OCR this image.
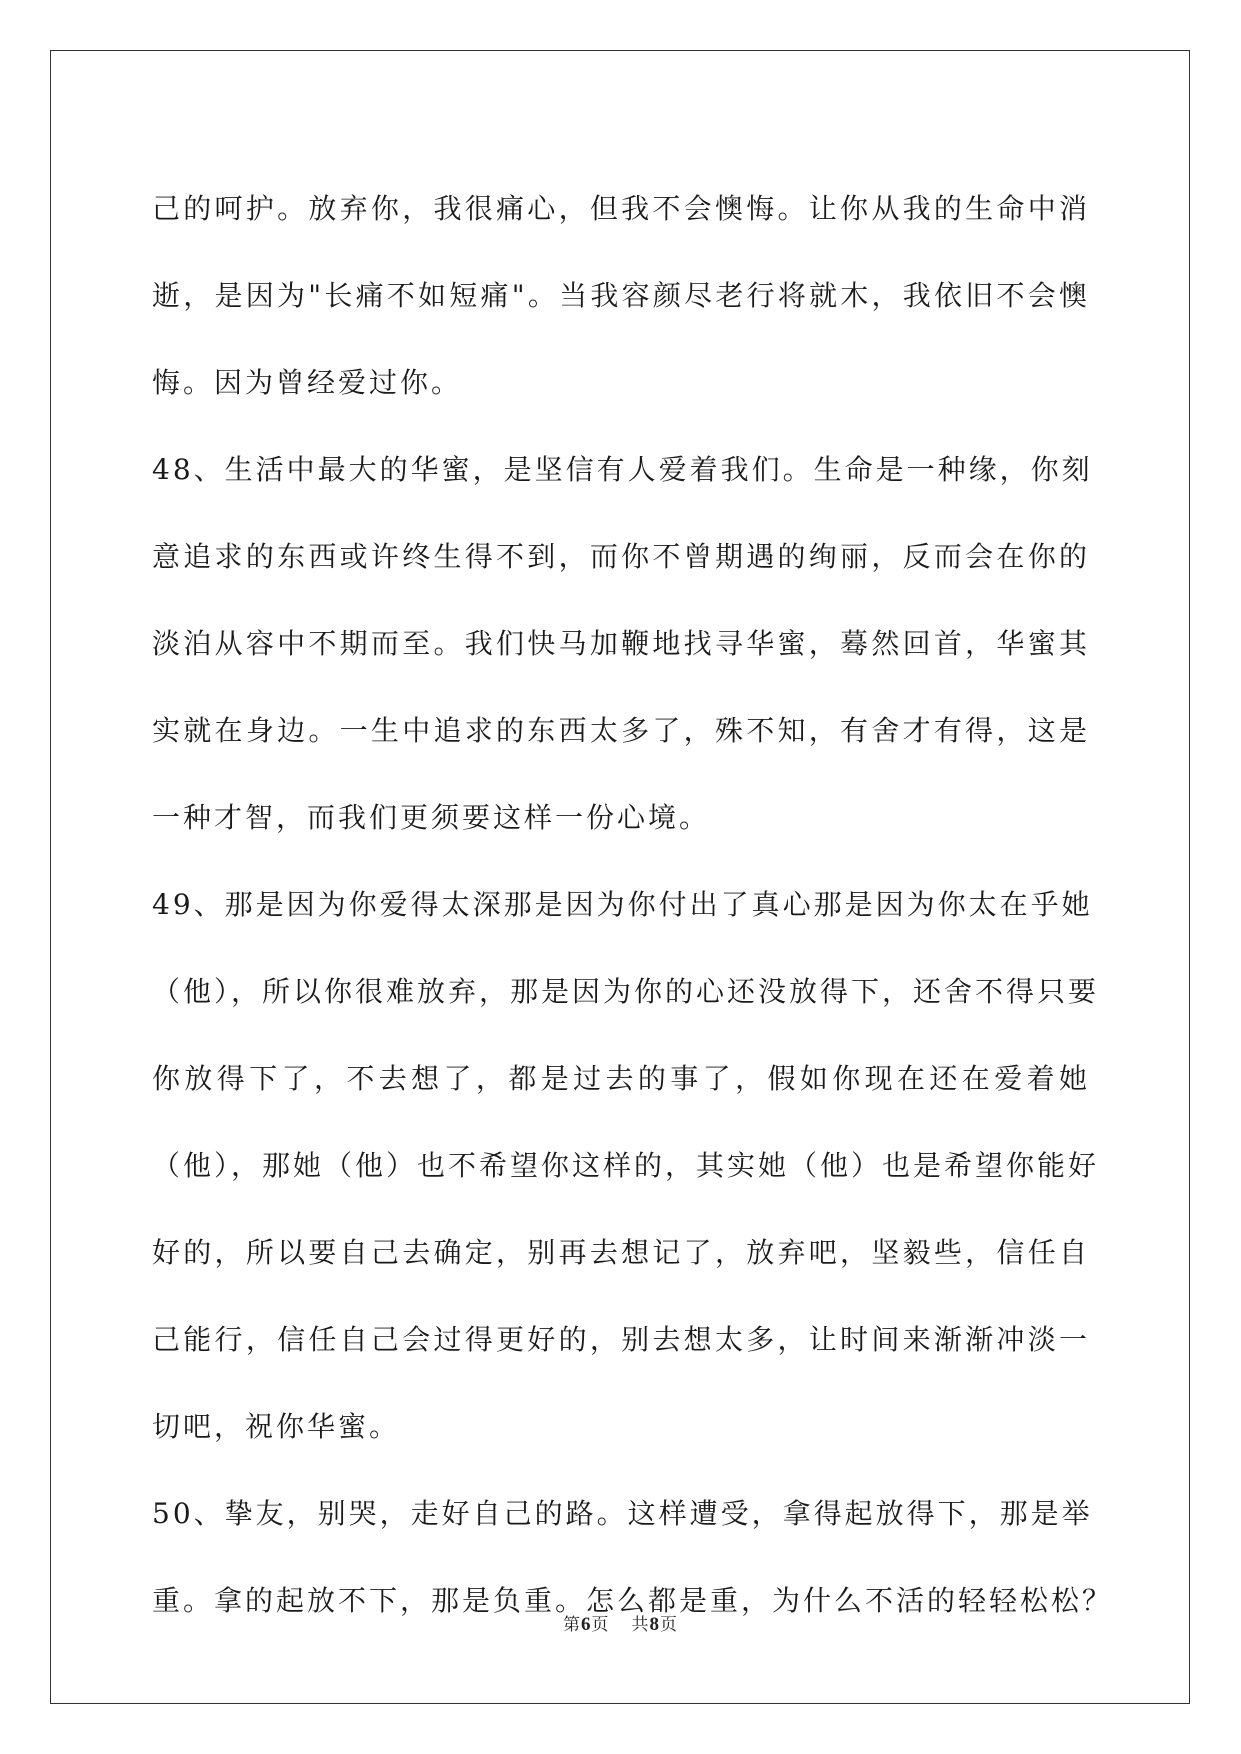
己的呵护。放弃你，我很痛心，但我不会懊悔。让你从我的生命中消
逝，是因为"长痛不如短痛"。当我容颜尽老行将就木，我依旧不会懊
悔。因为曾经爱过你。
48、生活中最大的华蜜，是坚信有人爱着我们。生命是一种缘，你刻
意追求的东西或许终生得不到，而你不曾期遇的绚丽，反而会在你的
淡泊从容中不期而至。我们快马加鞭地找寻华蜜，蓦然回首，华蜜其
实就在身边。一生中追求的东西太多了，殊不知，有舍才有得，这是
一种才智，而我们更须要这样一份心境。
49、那是因为你爱得太深那是因为你付出了真心那是因为你太在乎她
（他），所以你很难放弃，那是因为你的心还没放得下，还舍不得只要
你放得下了，不去想了，都是过去的事了，假如你现在还在爱着她
（他），那她（他）也不希望你这样的，其实她（他）也是希望你能好
好的，所以要自己去确定，别再去想记了，放弃吧，坚毅些，信任自
己能行，信任自己会过得更好的，别去想太多，让时间来渐渐冲淡一
切吧，祝你华蜜。
50、挚友，别哭，走好自己的路。这样遭受，拿得起放得下，那是举
重。拿的起放不下，那是负重。怎么都是重，为什么不活的轻轻松松？
第6页 共8页
